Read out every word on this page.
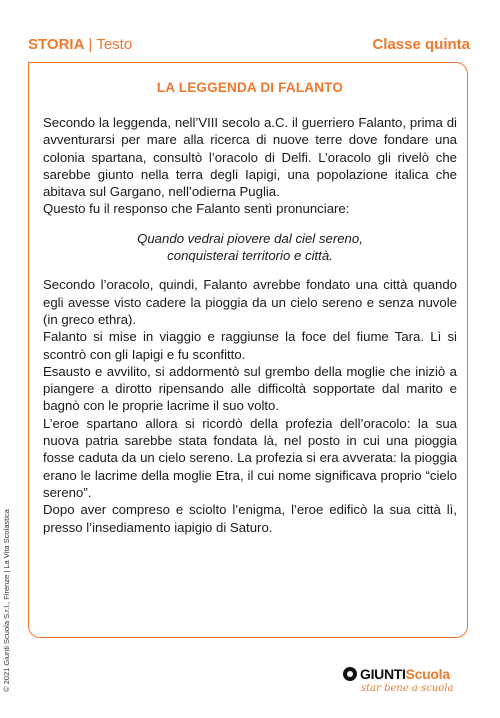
STORIA | Testo	Classe quinta
LA LEGGENDA DI FALANTO

Secondo la leggenda, nell’VIII secolo a.C. il guerriero Falanto, prima di avventurarsi per mare alla ricerca di nuove terre dove fondare una colonia spartana, consultò l’oracolo di Delfi. L’oracolo gli rivelò che sarebbe giunto nella terra degli Iapigi, una popolazione italica che abitava sul Gargano, nell’odierna Puglia.

Questo fu il responso che Falanto sentì pronunciare:

Quando vedrai piovere dal ciel sereno,
conquisterai territorio e città.

Secondo l’oracolo, quindi, Falanto avrebbe fondato una città quando egli avesse visto cadere la pioggia da un cielo sereno e senza nuvole (in greco ethra).

Falanto si mise in viaggio e raggiunse la foce del fiume Tara. Lì si scontrò con gli Iapigi e fu sconfitto.

Esausto e avvilito, si addormentò sul grembo della moglie che iniziò a piangere a dirotto ripensando alle difficoltà sopportate dal marito e bagnò con le proprie lacrime il suo volto.

L’eroe spartano allora si ricordò della profezia dell’oracolo: la sua nuova patria sarebbe stata fondata là, nel posto in cui una pioggia fosse caduta da un cielo sereno. La profezia si era avverata: la pioggia erano le lacrime della moglie Etra, il cui nome significava proprio “cielo sereno”.

Dopo aver compreso e sciolto l’enigma, l’eroe edificò la sua città lì, presso l’insediamento iapigio di Saturo.

© 2021 Giunti Scuola S.r.l., Firenze | La Vita Scolastica	GIUNTI Scuola
star bene a scuola
